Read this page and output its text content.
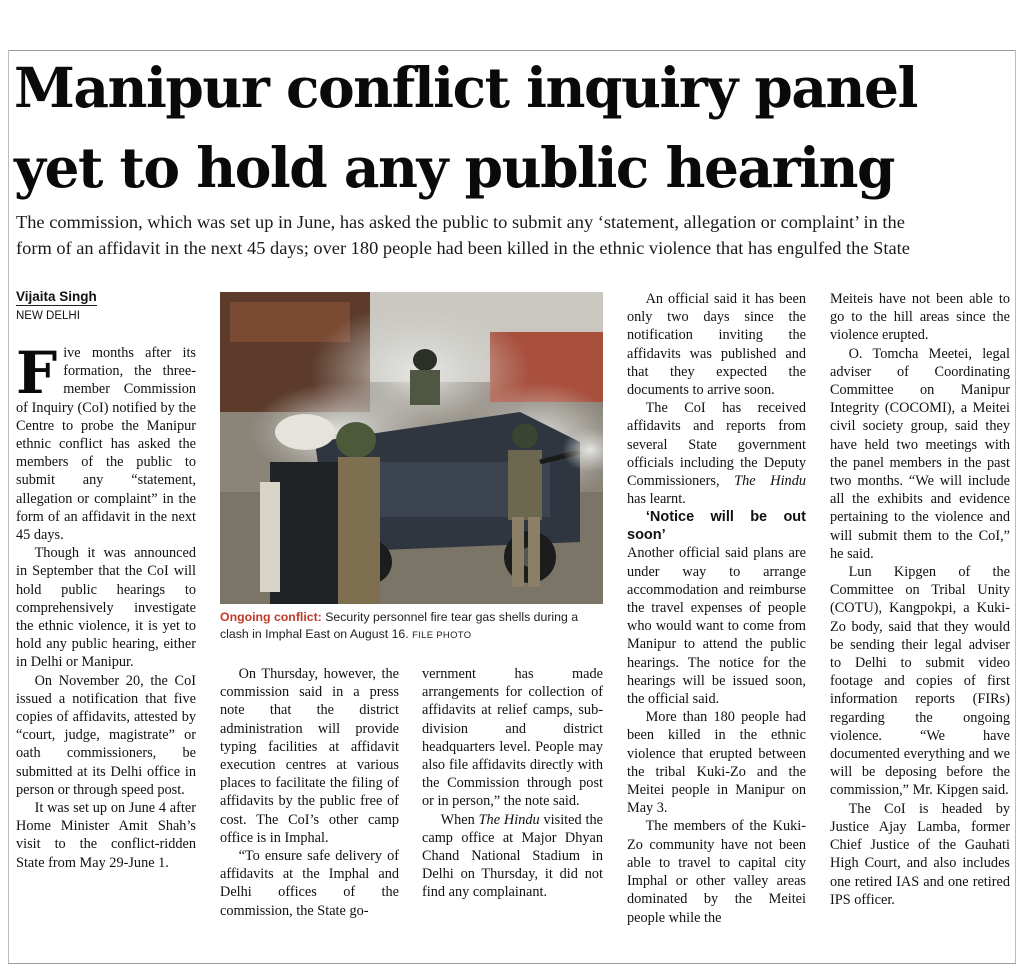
Manipur conflict inquiry panel
yet to hold any public hearing
The commission, which was set up in June, has asked the public to submit any ‘statement, allegation or complaint’ in the
form of an affidavit in the next 45 days; over 180 people had been killed in the ethnic violence that has engulfed the State
Vijaita Singh
NEW DELHI

Five months after its formation, the three-member Commission of Inquiry (CoI) notified by the Centre to probe the Manipur ethnic conflict has asked the members of the public to submit any “statement, allegation or complaint” in the form of an affidavit in the next 45 days.

Though it was announced in September that the CoI will hold public hearings to comprehensively investigate the ethnic violence, it is yet to hold any public hearing, either in Delhi or Manipur.

On November 20, the CoI issued a notification that five copies of affidavits, attested by “court, judge, magistrate” or oath commissioners, be submitted at its Delhi office in person or through speed post.

It was set up on June 4 after Home Minister Amit Shah’s visit to the conflict-ridden State from May 29-June 1.

Ongoing conflict: Security personnel fire tear gas shells during a clash in Imphal East on August 16. FILE PHOTO

On Thursday, however, the commission said in a press note that the district administration will provide typing facilities at affidavit execution centres at various places to facilitate the filing of affidavits by the public free of cost. The CoI’s other camp office is in Imphal.

“To ensure safe delivery of affidavits at the Imphal and Delhi offices of the commission, the State go-

vernment has made arrangements for collection of affidavits at relief camps, sub-division and district headquarters level. People may also file affidavits directly with the Commission through post or in person,” the note said.

When The Hindu visited the camp office at Major Dhyan Chand National Stadium in Delhi on Thursday, it did not find any complainant.

An official said it has been only two days since the notification inviting the affidavits was published and that they expected the documents to arrive soon.

The CoI has received affidavits and reports from several State government officials including the Deputy Commissioners, The Hindu has learnt.

‘Notice will be out soon’

Another official said plans are under way to arrange accommodation and reimburse the travel expenses of people who would want to come from Manipur to attend the public hearings. The notice for the hearings will be issued soon, the official said.

More than 180 people had been killed in the ethnic violence that erupted between the tribal Kuki-Zo and the Meitei people in Manipur on May 3.

The members of the Kuki-Zo community have not been able to travel to capital city Imphal or other valley areas dominated by the Meitei people while the

Meiteis have not been able to go to the hill areas since the violence erupted.

O. Tomcha Meetei, legal adviser of Coordinating Committee on Manipur Integrity (COCOMI), a Meitei civil society group, said they have held two meetings with the panel members in the past two months. “We will include all the exhibits and evidence pertaining to the violence and will submit them to the CoI,” he said.

Lun Kipgen of the Committee on Tribal Unity (COTU), Kangpokpi, a Kuki-Zo body, said that they would be sending their legal adviser to Delhi to submit video footage and copies of first information reports (FIRs) regarding the ongoing violence. “We have documented everything and we will be deposing before the commission,” Mr. Kipgen said.

The CoI is headed by Justice Ajay Lamba, former Chief Justice of the Gauhati High Court, and also includes one retired IAS and one retired IPS officer.
